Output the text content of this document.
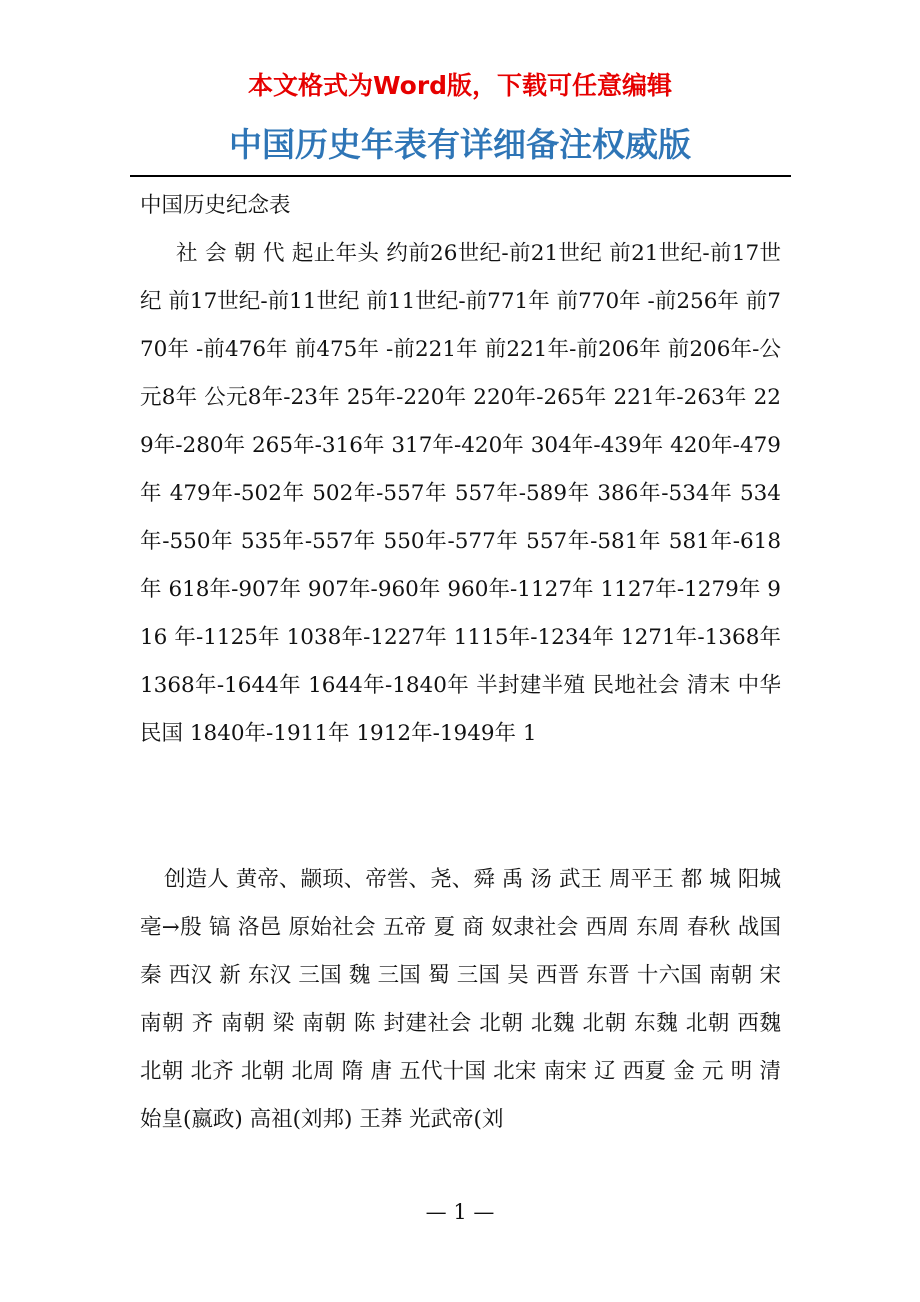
本文格式为Word版，下载可任意编辑
中国历史年表有详细备注权威版

中国历史纪念表

社 会 朝 代 起止年头 约前26世纪-前21世纪 前21世纪-前17世纪 前17世纪-前11世纪 前11世纪-前771年 前770年 -前256年 前770年 -前476年 前475年 -前221年 前221年-前206年 前206年-公元8年 公元8年-23年 25年-220年 220年-265年 221年-263年 229年-280年 265年-316年 317年-420年 304年-439年 420年-479年 479年-502年 502年-557年 557年-589年 386年-534年 534年-550年 535年-557年 550年-577年 557年-581年 581年-618年 618年-907年 907年-960年 960年-1127年 1127年-1279年 916 年-1125年 1038年-1227年 1115年-1234年 1271年-1368年 1368年-1644年 1644年-1840年 半封建半殖 民地社会 清末 中华民国 1840年-1911年 1912年-1949年 1

创造人 黄帝、颛顼、帝喾、尧、舜 禹 汤 武王 周平王 都 城 阳城 亳→殷 镐 洛邑 原始社会 五帝 夏 商 奴隶社会 西周 东周 春秋 战国 秦 西汉 新 东汉 三国 魏 三国 蜀 三国 吴 西晋 东晋 十六国 南朝 宋 南朝 齐 南朝 梁 南朝 陈 封建社会 北朝 北魏 北朝 东魏 北朝 西魏 北朝 北齐 北朝 北周 隋 唐 五代十国 北宋 南宋 辽 西夏 金 元 明 清 始皇(嬴政) 高祖(刘邦) 王莽 光武帝(刘

— 1 —
